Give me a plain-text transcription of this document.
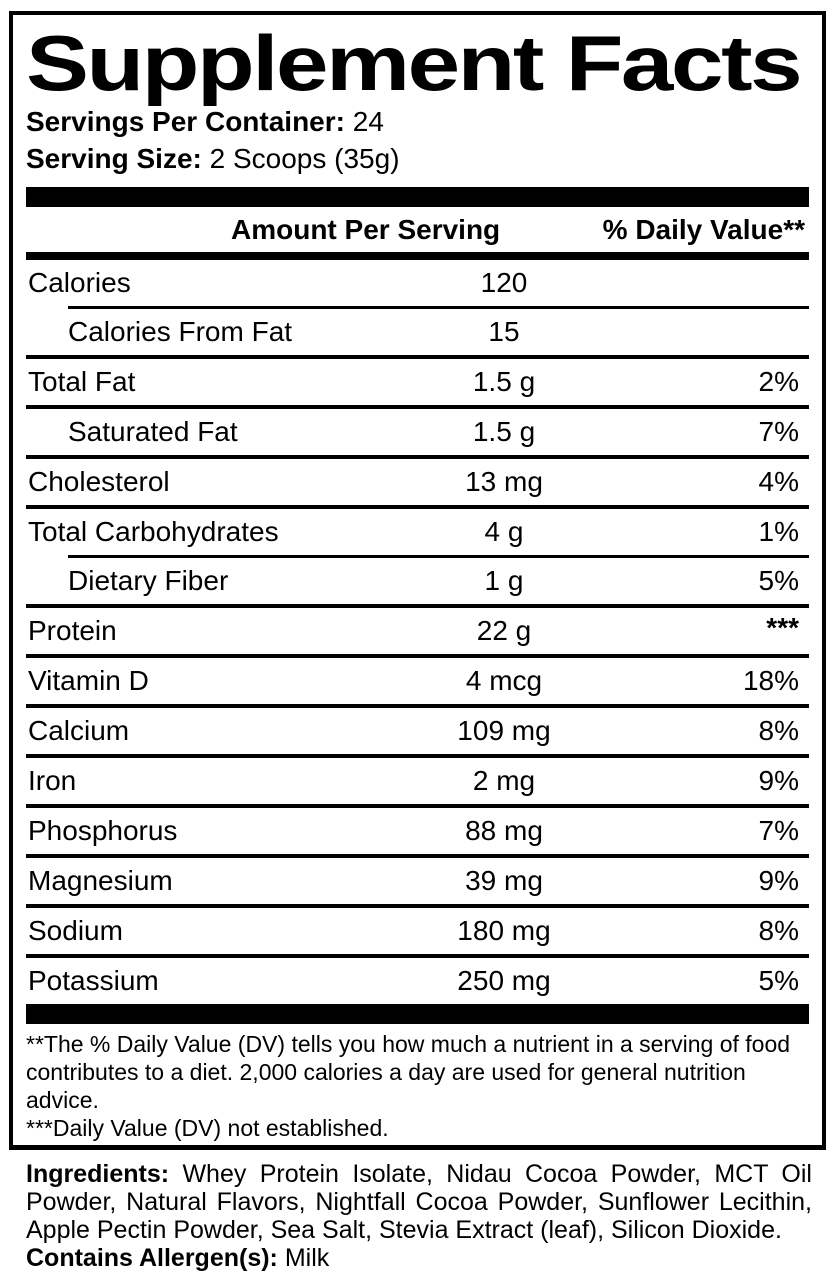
Supplement Facts
Servings Per Container: 24
Serving Size: 2 Scoops (35g)
Amount Per Serving	% Daily Value**
Calories	120
Calories From Fat	15
Total Fat	1.5 g	2%
Saturated Fat	1.5 g	7%
Cholesterol	13 mg	4%
Total Carbohydrates	4 g	1%
Dietary Fiber	1 g	5%
Protein	22 g	***
Vitamin D	4 mcg	18%
Calcium	109 mg	8%
Iron	2 mg	9%
Phosphorus	88 mg	7%
Magnesium	39 mg	9%
Sodium	180 mg	8%
Potassium	250 mg	5%

**The % Daily Value (DV) tells you how much a nutrient in a serving of food contributes to a diet. 2,000 calories a day are used for general nutrition advice.

***Daily Value (DV) not established.

Ingredients: Whey Protein Isolate, Nidau Cocoa Powder, MCT Oil Powder, Natural Flavors, Nightfall Cocoa Powder, Sunflower Lecithin, Apple Pectin Powder, Sea Salt, Stevia Extract (leaf), Silicon Dioxide.

Contains Allergen(s): Milk
